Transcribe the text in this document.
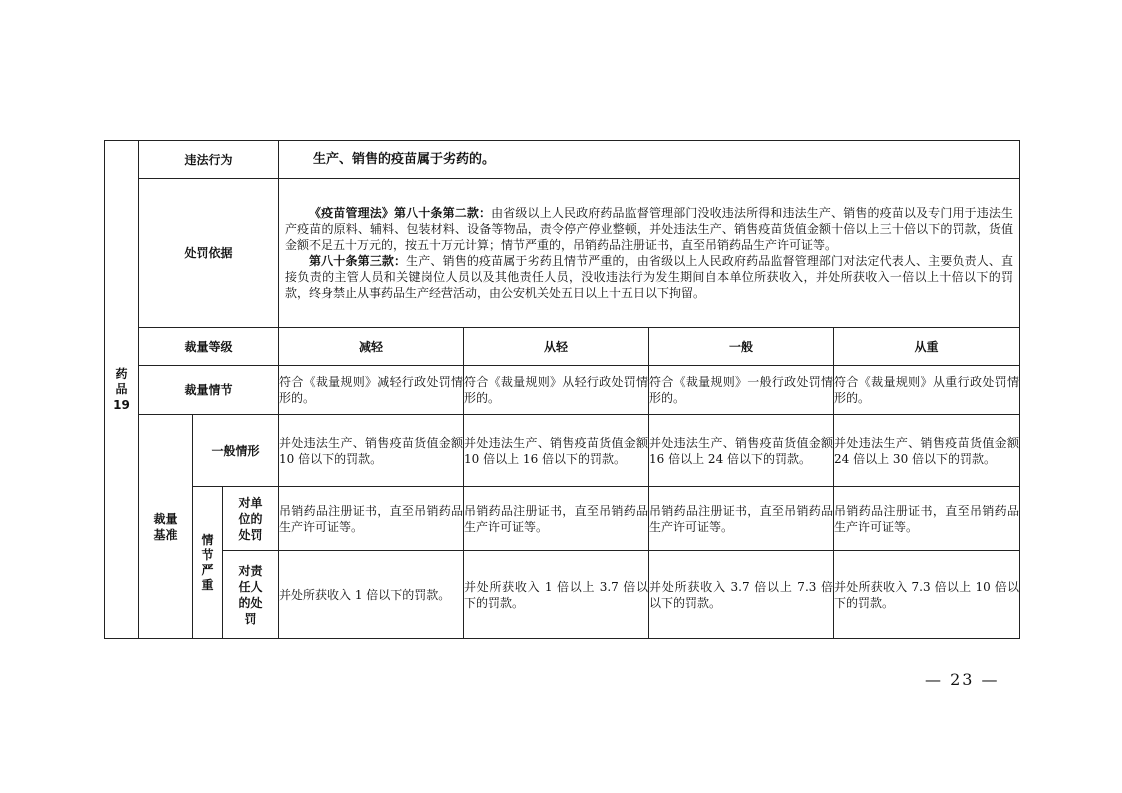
药品
19	违法行为			生产、销售的疫苗属于劣药的。			
	处罚依据			《疫苗管理法》第八十条第二款：由省级以上人民政府药品监督管理部门没收违法所得和违法生产、销售的疫苗以及专门用于违法生产疫苗的原料、辅料、包装材料、设备等物品，责令停产停业整顿，并处违法生产、销售疫苗货值金额十倍以上三十倍以下的罚款，货值金额不足五十万元的，按五十万元计算；情节严重的，吊销药品注册证书，直至吊销药品生产许可证等。

第八十条第三款：生产、销售的疫苗属于劣药且情节严重的，由省级以上人民政府药品监督管理部门对法定代表人、主要负责人、直接负责的主管人员和关键岗位人员以及其他责任人员，没收违法行为发生期间自本单位所获收入，并处所获收入一倍以上十倍以下的罚款，终身禁止从事药品生产经营活动，由公安机关处五日以上十五日以下拘留。			

	裁量等级			减轻	从轻	一般	从重
	裁量情节			符合《裁量规则》减轻行政处罚情形的。	符合《裁量规则》从轻行政处罚情形的。	符合《裁量规则》一般行政处罚情形的。	符合《裁量规则》从重行政处罚情形的。

	裁量基准	一般情形		并处违法生产、销售疫苗货值金额 10 倍以下的罚款。	并处违法生产、销售疫苗货值金额 10 倍以上 16 倍以下的罚款。	并处违法生产、销售疫苗货值金额 16 倍以上 24 倍以下的罚款。	并处违法生产、销售疫苗货值金额 24 倍以上 30 倍以下的罚款。
		情节严重	对单位的处罚	吊销药品注册证书，直至吊销药品生产许可证等。	吊销药品注册证书，直至吊销药品生产许可证等。	吊销药品注册证书，直至吊销药品生产许可证等。	吊销药品注册证书，直至吊销药品生产许可证等。

			对责任人的处罚	并处所获收入 1 倍以下的罚款。	并处所获收入 1 倍以上 3.7 倍以下的罚款。	并处所获收入 3.7 倍以上 7.3 倍以下的罚款。	并处所获收入 7.3 倍以上 10 倍以下的罚款。
— 23 —
